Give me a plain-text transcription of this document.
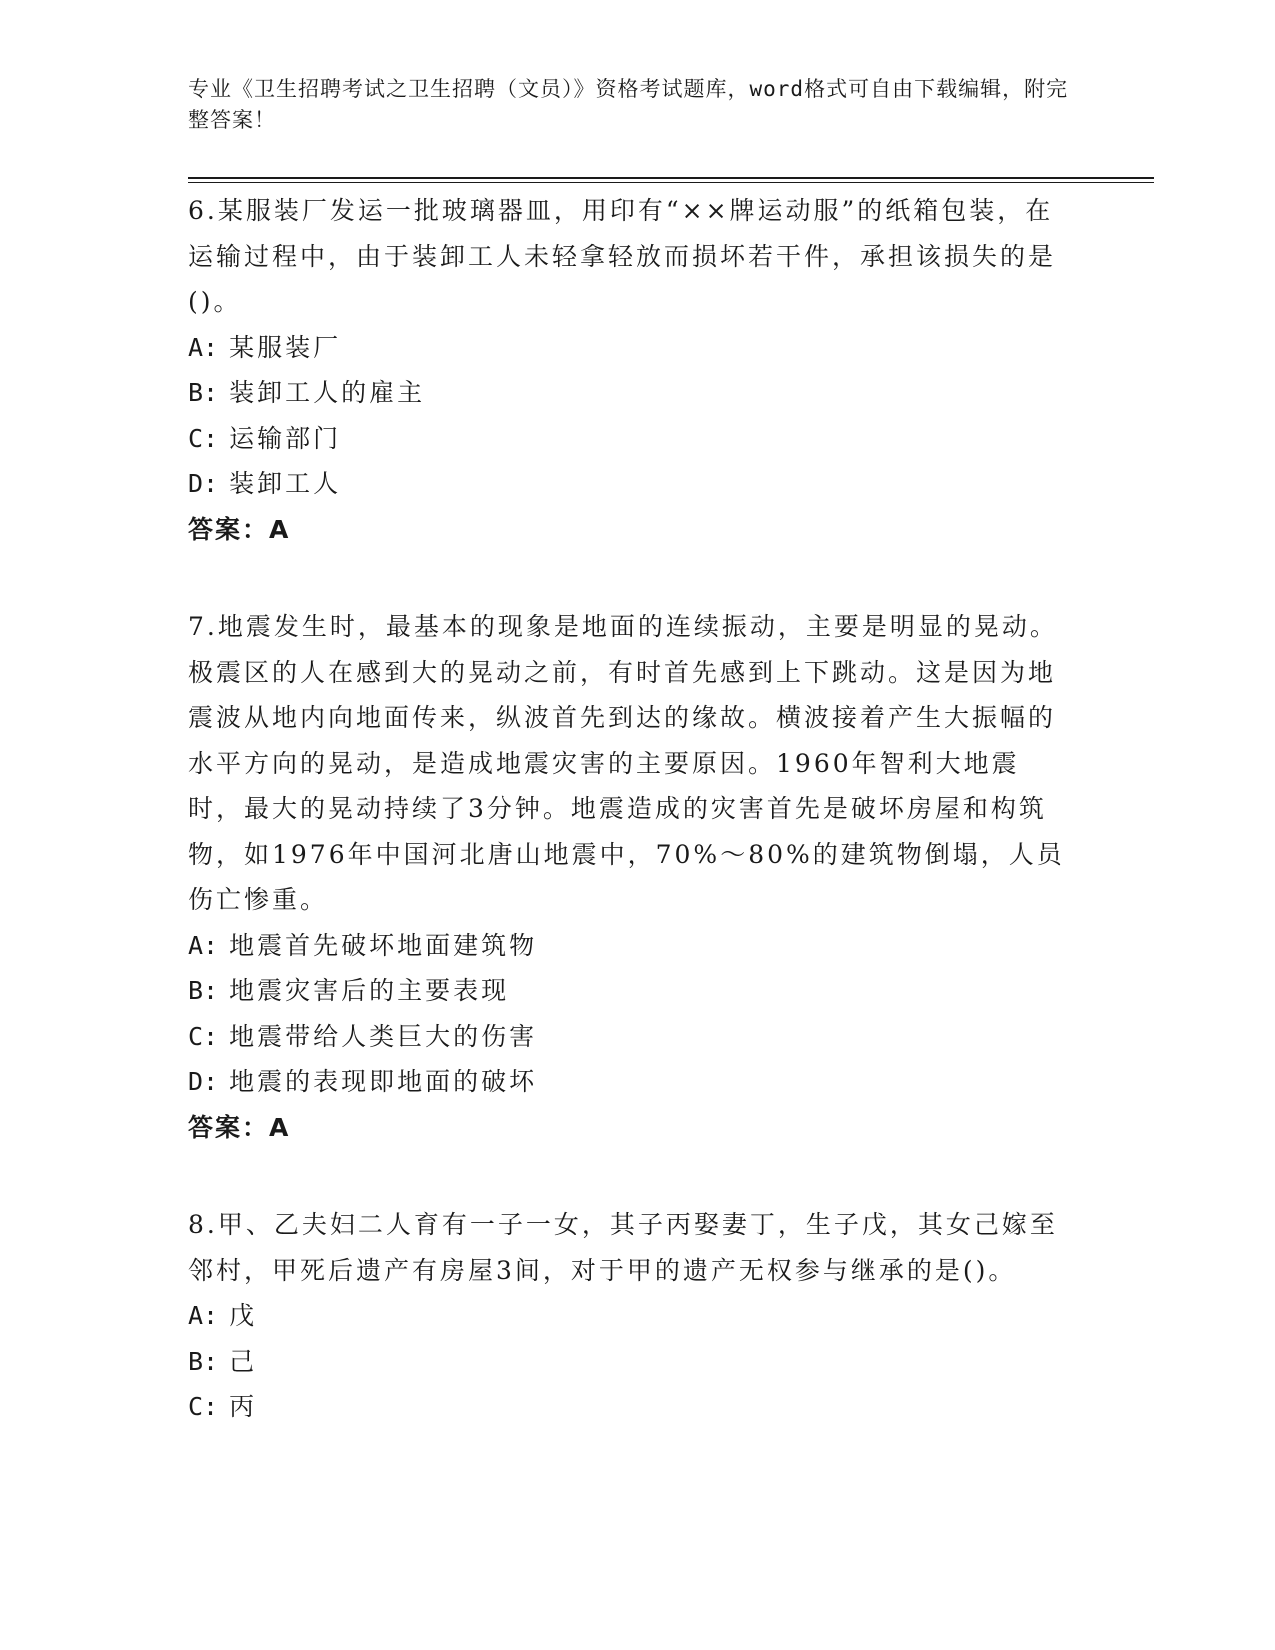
专业《卫生招聘考试之卫生招聘（文员）》资格考试题库，word格式可自由下载编辑，附完整答案！

6.某服装厂发运一批玻璃器皿，用印有“××牌运动服”的纸箱包装，在运输过程中，由于装卸工人未轻拿轻放而损坏若干件，承担该损失的是()。

A: 某服装厂

B: 装卸工人的雇主

C: 运输部门

D: 装卸工人

答案：A

7.地震发生时，最基本的现象是地面的连续振动，主要是明显的晃动。极震区的人在感到大的晃动之前，有时首先感到上下跳动。这是因为地震波从地内向地面传来，纵波首先到达的缘故。横波接着产生大振幅的水平方向的晃动，是造成地震灾害的主要原因。1960年智利大地震时，最大的晃动持续了3分钟。地震造成的灾害首先是破坏房屋和构筑物，如1976年中国河北唐山地震中，70%～80%的建筑物倒塌，人员伤亡惨重。

A: 地震首先破坏地面建筑物

B: 地震灾害后的主要表现

C: 地震带给人类巨大的伤害

D: 地震的表现即地面的破坏

答案：A

8.甲、乙夫妇二人育有一子一女，其子丙娶妻丁，生子戊，其女己嫁至邻村，甲死后遗产有房屋3间，对于甲的遗产无权参与继承的是()。

A: 戊

B: 己

C: 丙
